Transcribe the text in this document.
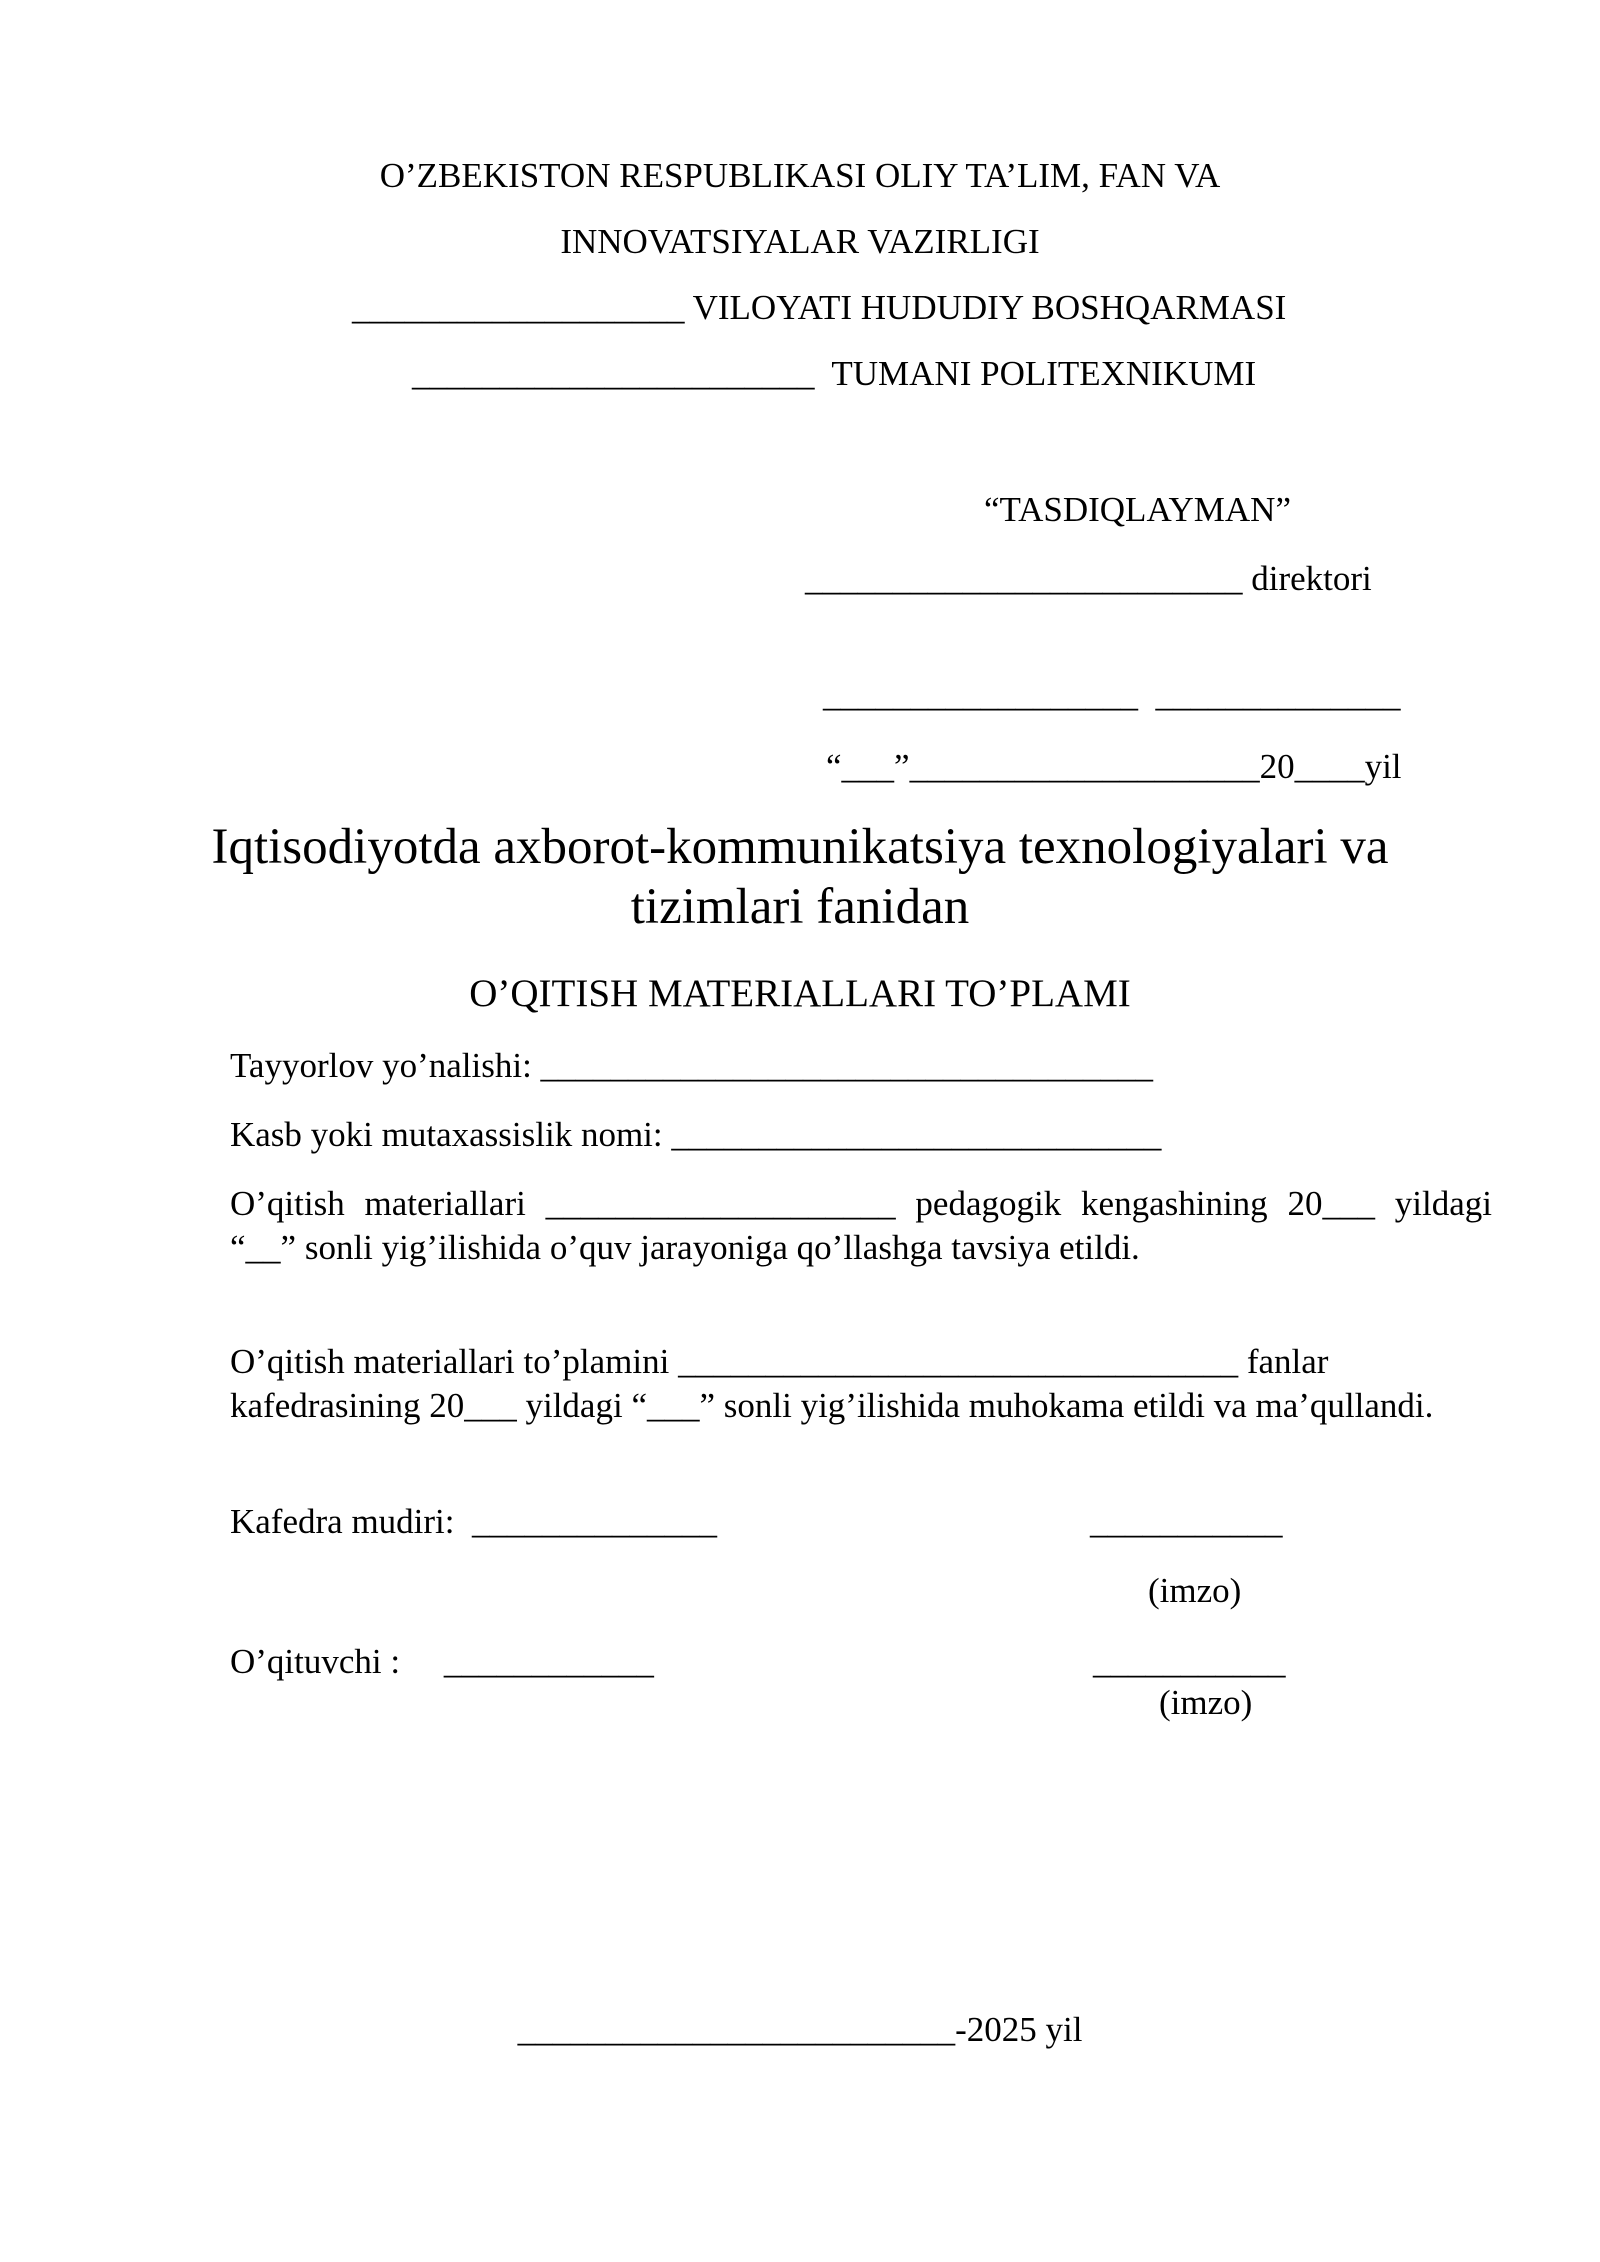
O’ZBEKISTON RESPUBLIKASI OLIY TA’LIM, FAN VA
INNOVATSIYALAR VAZIRLIGI
___________________ VILOYATI HUDUDIY BOSHQARMASI
_______________________  TUMANI POLITEXNIKUMI
“TASDIQLAYMAN”
_________________________ direktori
__________________  ______________
“___”____________________20____yil
Iqtisodiyotda axborot-kommunikatsiya texnologiyalari va
tizimlari fanidan
O’QITISH MATERIALLARI TO’PLAMI
Tayyorlov yo’nalishi: ___________________________________
Kasb yoki mutaxassislik nomi: ____________________________
O’qitish materiallari ____________________ pedagogik kengashining 20___ yildagi “__” sonli yig’ilishida o’quv jarayoniga qo’llashga tavsiya etildi.
O’qitish materiallari to’plamini ________________________________ fanlar kafedrasining 20___ yildagi “___” sonli yig’ilishida muhokama etildi va ma’qullandi.
Kafedra mudiri:  ______________	___________
(imzo)
O’qituvchi :     ____________	___________
(imzo)
_________________________-2025 yil
